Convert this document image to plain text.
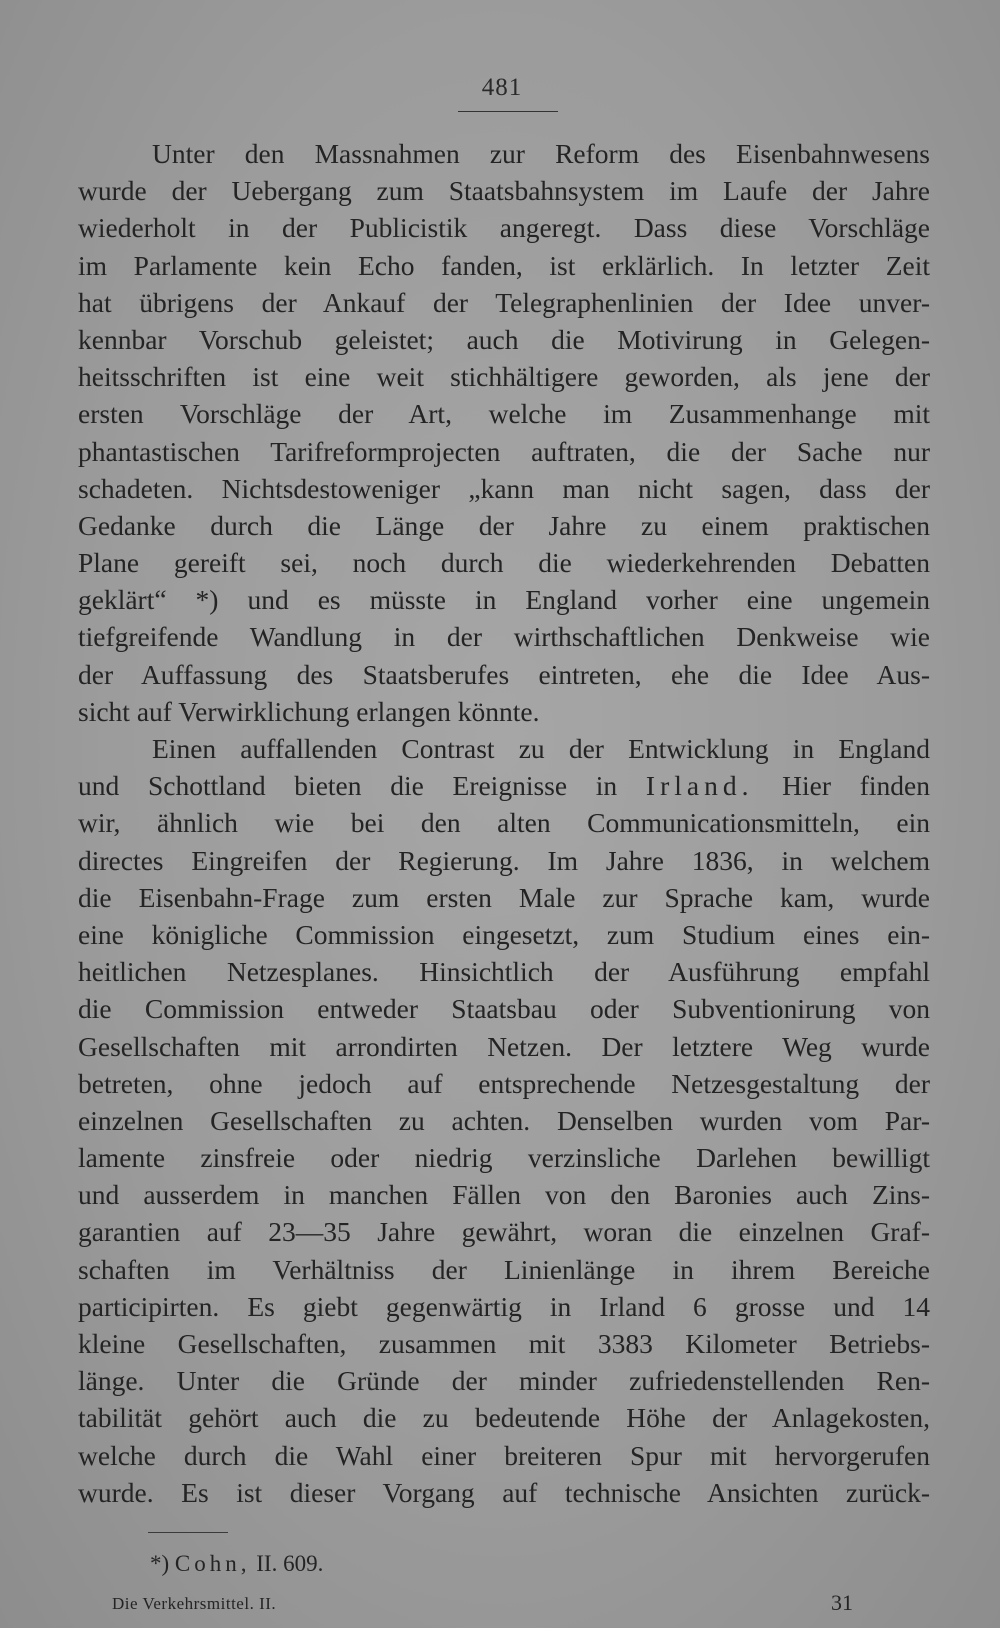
481
Unter den Massnahmen zur Reform des Eisenbahnwesens
wurde der Uebergang zum Staatsbahnsystem im Laufe der Jahre
wiederholt in der Publicistik angeregt. Dass diese Vorschläge
im Parlamente kein Echo fanden, ist erklärlich. In letzter Zeit
hat übrigens der Ankauf der Telegraphenlinien der Idee unver-
kennbar Vorschub geleistet; auch die Motivirung in Gelegen-
heitsschriften ist eine weit stichhältigere geworden, als jene der
ersten Vorschläge der Art, welche im Zusammenhange mit
phantastischen Tarifreformprojecten auftraten, die der Sache nur
schadeten. Nichtsdestoweniger „kann man nicht sagen, dass der
Gedanke durch die Länge der Jahre zu einem praktischen
Plane gereift sei, noch durch die wiederkehrenden Debatten
geklärt“ *) und es müsste in England vorher eine ungemein
tiefgreifende Wandlung in der wirthschaftlichen Denkweise wie
der Auffassung des Staatsberufes eintreten, ehe die Idee Aus-
sicht auf Verwirklichung erlangen könnte.
Einen auffallenden Contrast zu der Entwicklung in England
und Schottland bieten die Ereignisse in Irland. Hier finden
wir, ähnlich wie bei den alten Communicationsmitteln, ein
directes Eingreifen der Regierung. Im Jahre 1836, in welchem
die Eisenbahn-Frage zum ersten Male zur Sprache kam, wurde
eine königliche Commission eingesetzt, zum Studium eines ein-
heitlichen Netzesplanes. Hinsichtlich der Ausführung empfahl
die Commission entweder Staatsbau oder Subventionirung von
Gesellschaften mit arrondirten Netzen. Der letztere Weg wurde
betreten, ohne jedoch auf entsprechende Netzesgestaltung der
einzelnen Gesellschaften zu achten. Denselben wurden vom Par-
lamente zinsfreie oder niedrig verzinsliche Darlehen bewilligt
und ausserdem in manchen Fällen von den Baronies auch Zins-
garantien auf 23—35 Jahre gewährt, woran die einzelnen Graf-
schaften im Verhältniss der Linienlänge in ihrem Bereiche
participirten. Es giebt gegenwärtig in Irland 6 grosse und 14
kleine Gesellschaften, zusammen mit 3383 Kilometer Betriebs-
länge. Unter die Gründe der minder zufriedenstellenden Ren-
tabilität gehört auch die zu bedeutende Höhe der Anlagekosten,
welche durch die Wahl einer breiteren Spur mit hervorgerufen
wurde. Es ist dieser Vorgang auf technische Ansichten zurück-
*) Cohn, II. 609.
Die Verkehrsmittel. II.	31
